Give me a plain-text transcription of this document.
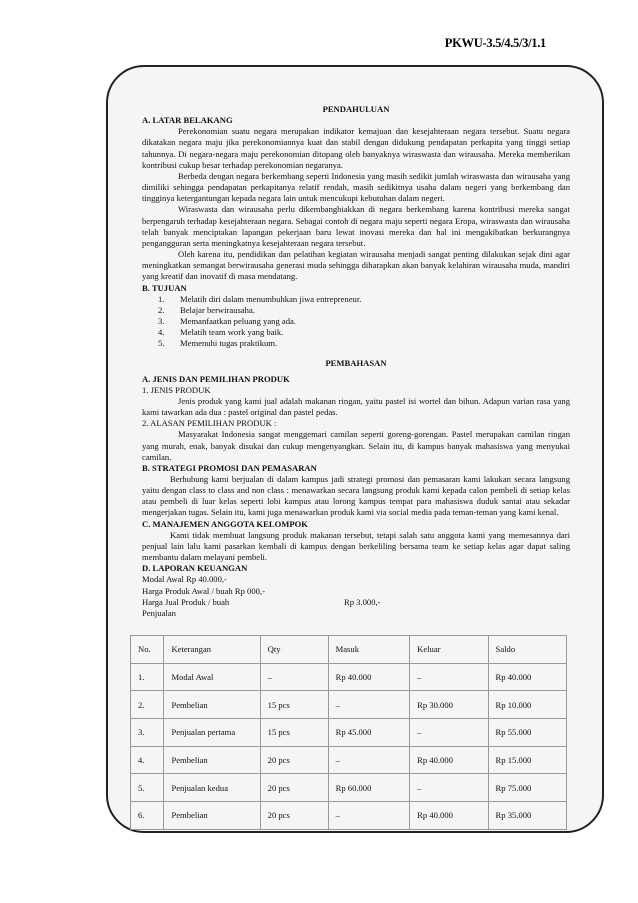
PKWU-3.5/4.5/3/1.1
PENDAHULUAN
A. LATAR BELAKANG

Perekonomian suatu negara merupakan indikator kemajuan dan kesejahteraan negara tersebut. Suatu negara dikatakan negara maju jika perekonomiannya kuat dan stabil dengan didukung pendapatan perkapita yang tinggi setiap tahunnya. Di negara-negara maju perekonomian ditopang oleh banyaknya wiraswasta dan wirausaha. Mereka memberikan kontribusi cukup besar terhadap perekonomian negaranya.

Berbeda dengan negara berkembang seperti Indonesia yang masih sedikit jumlah wiraswasta dan wirausaha yang dimiliki sehingga pendapatan perkapitanya relatif rendah, masih sedikitnya usaha dalam negeri yang berkembang dan tingginya ketergantungan kepada negara lain untuk mencukupi kebutuhan dalam negeri.

Wiraswasta dan wirausaha perlu dikembangbiakkan di negara berkembang karena kontribusi mereka sangat berpengaruh terhadap kesejahteraan negara. Sebagai contoh di negara maju seperti negara Eropa, wiraswasta dan wirausaha telah banyak menciptakan lapangan pekerjaan baru lewat inovasi mereka dan hal ini mengakibatkan berkurangnya pengangguran serta meningkatnya kesejahteraan negara tersebut.

Oleh karena itu, pendidikan dan pelatihan kegiatan wirausaha menjadi sangat penting dilakukan sejak dini agar meningkatkan semangat berwirausaha generasi muda sehingga diharapkan akan banyak kelahiran wirausaha muda, mandiri yang kreatif dan inovatif di masa mendatang.

B. TUJUAN
1.	Melatih diri dalam menumbuhkan jiwa entrepreneur.
2.	Belajar berwirausaha.
3.	Memanfaatkan peluang yang ada.
4.	Melatih team work yang baik.
5.	Memenuhi tugas praktikum.
PEMBAHASAN
A. JENIS DAN PEMILIHAN PRODUK
1. JENIS PRODUK

Jenis produk yang kami jual adalah makanan ringan, yaitu pastel isi wortel dan bihun. Adapun varian rasa yang kami tawarkan ada dua : pastel original dan pastel pedas.

2. ALASAN PEMILIHAN PRODUK :

Masyarakat Indonesia sangat menggemari camilan seperti goreng-gorengan. Pastel merupakan camilan ringan yang murah, enak, banyak disukai dan cukup mengenyangkan. Selain itu, di kampus banyak mahasiswa yang menyukai camilan.

B. STRATEGI PROMOSI DAN PEMASARAN

Berhubung kami berjualan di dalam kampus jadi strategi promosi dan pemasaran kami lakukan secara langsung yaitu dengan class to class and non class : menawarkan secara langsung produk kami kepada calon pembeli di setiap kelas atau pembeli di luar kelas seperti lobi kampus atau lorong kampus tempat para mahasiswa duduk santai atau sekadar mengerjakan tugas. Selain itu, kami juga menawarkan produk kami via social media pada teman-teman yang kami kenal.

C. MANAJEMEN ANGGOTA KELOMPOK

Kami tidak membuat langsung produk makanan tersebut, tetapi salah satu anggota kami yang memesannya dari penjual lain lalu kami pasarkan kembali di kampus dengan berkeliling bersama team ke setiap kelas agar dapat saling membantu dalam melayani pembeli.

D. LAPORAN KEUANGAN
Modal Awal Rp 40.000,-
Harga Produk Awal / buah Rp 000,-
Harga Jual Produk / buah	Rp 3.000,-
Penjualan
No.	Keterangan	Qty	Masuk	Keluar	Saldo
1.	Modal Awal	–	Rp 40.000	–	Rp 40.000
2.	Pembelian	15 pcs	–	Rp 30.000	Rp 10.000
3.	Penjualan pertama	15 pcs	Rp 45.000	–	Rp 55.000
4.	Pembelian	20 pcs	–	Rp 40.000	Rp 15.000
5.	Penjualan kedua	20 pcs	Rp 60.000	–	Rp 75.000
6.	Pembelian	20 pcs	–	Rp 40.000	Rp 35.000
